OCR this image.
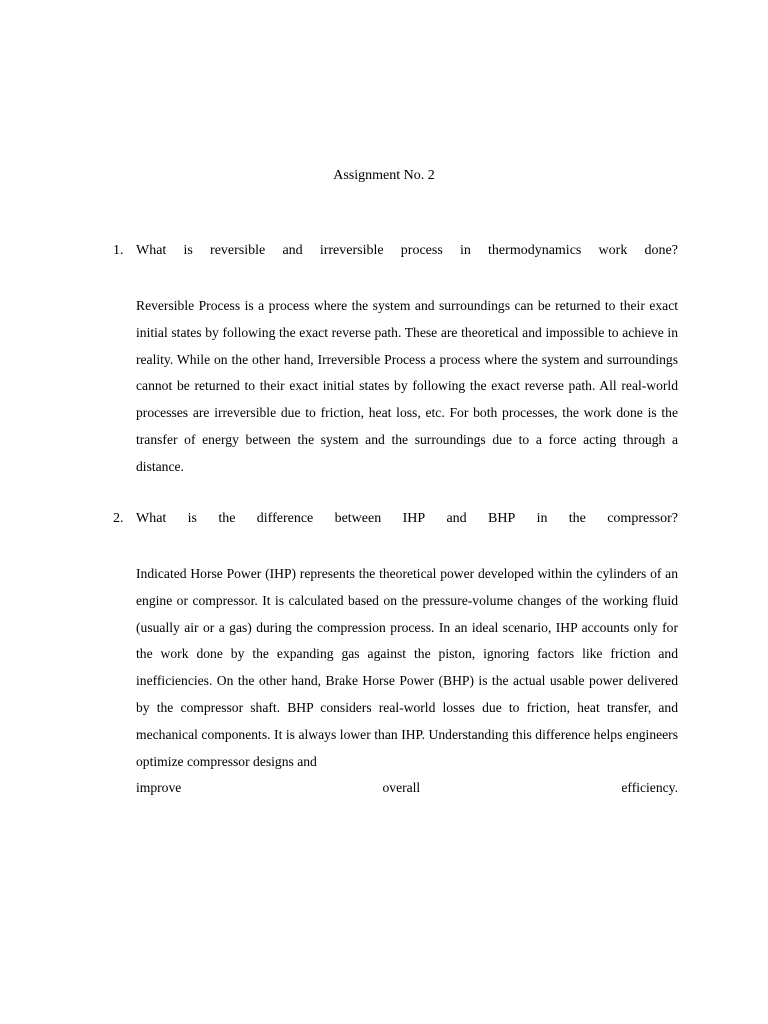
Assignment No. 2
1. What is reversible and irreversible process in thermodynamics work done?

Reversible Process is a process where the system and surroundings can be returned to their exact initial states by following the exact reverse path. These are theoretical and impossible to achieve in reality. While on the other hand, Irreversible Process a process where the system and surroundings cannot be returned to their exact initial states by following the exact reverse path. All real-world processes are irreversible due to friction, heat loss, etc. For both processes, the work done is the transfer of energy between the system and the surroundings due to a force acting through a distance.

2. What is the difference between IHP and BHP in the compressor?

Indicated Horse Power (IHP) represents the theoretical power developed within the cylinders of an engine or compressor. It is calculated based on the pressure-volume changes of the working fluid (usually air or a gas) during the compression process. In an ideal scenario, IHP accounts only for the work done by the expanding gas against the piston, ignoring factors like friction and inefficiencies. On the other hand, Brake Horse Power (BHP) is the actual usable power delivered by the compressor shaft. BHP considers real-world losses due to friction, heat transfer, and mechanical components. It is always lower than IHP. Understanding this difference helps engineers optimize compressor designs and
improve	overall	efficiency.
